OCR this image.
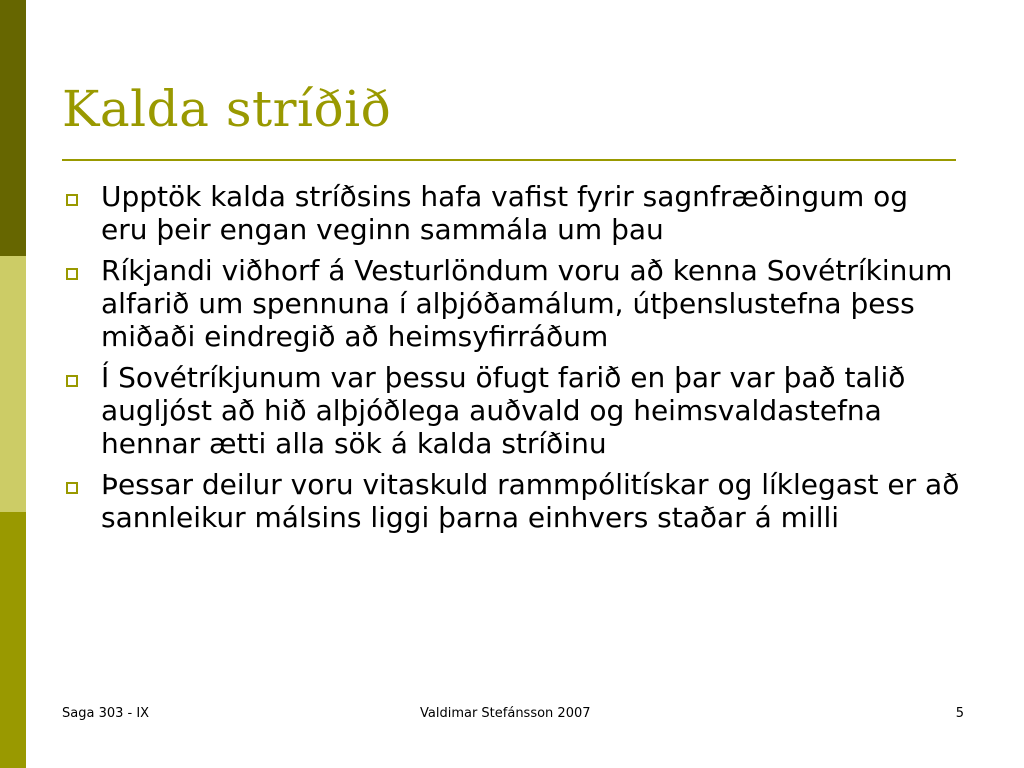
Kalda stríðið
Upptök kalda stríðsins hafa vafist fyrir sagnfræðingum og eru þeir engan veginn sammála um þau
Ríkjandi viðhorf á Vesturlöndum voru að kenna Sovétríkinum alfarið um spennuna í alþjóðamálum, útþenslustefna þess miðaði eindregið að heimsyfirráðum
Í Sovétríkjunum var þessu öfugt farið en þar var það talið augljóst að hið alþjóðlega auðvald og heimsvaldastefna hennar ætti alla sök á kalda stríðinu
Þessar deilur voru vitaskuld rammpólitískar og líklegast er að sannleikur málsins liggi þarna einhvers staðar á milli
Saga 303 - IX	Valdimar Stefánsson 2007	5
